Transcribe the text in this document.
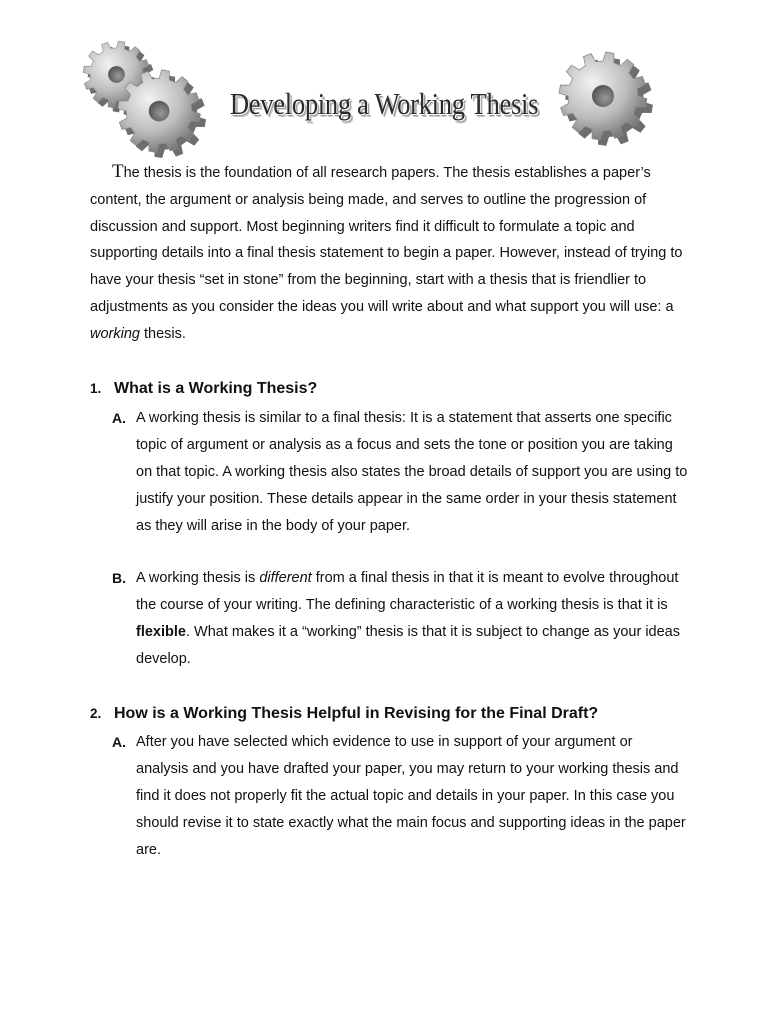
Developing a Working Thesis

The thesis is the foundation of all research papers. The thesis establishes a paper’s content, the argument or analysis being made, and serves to outline the progression of discussion and support. Most beginning writers find it difficult to formulate a topic and supporting details into a final thesis statement to begin a paper. However, instead of trying to have your thesis “set in stone” from the beginning, start with a thesis that is friendlier to adjustments as you consider the ideas you will write about and what support you will use: a working thesis.

1. What is a Working Thesis?
A. A working thesis is similar to a final thesis: It is a statement that asserts one specific topic of argument or analysis as a focus and sets the tone or position you are taking on that topic. A working thesis also states the broad details of support you are using to justify your position. These details appear in the same order in your thesis statement as they will arise in the body of your paper.

B. A working thesis is different from a final thesis in that it is meant to evolve throughout the course of your writing. The defining characteristic of a working thesis is that it is flexible. What makes it a “working” thesis is that it is subject to change as your ideas develop.

2. How is a Working Thesis Helpful in Revising for the Final Draft?
A. After you have selected which evidence to use in support of your argument or analysis and you have drafted your paper, you may return to your working thesis and find it does not properly fit the actual topic and details in your paper. In this case you should revise it to state exactly what the main focus and supporting ideas in the paper are.
